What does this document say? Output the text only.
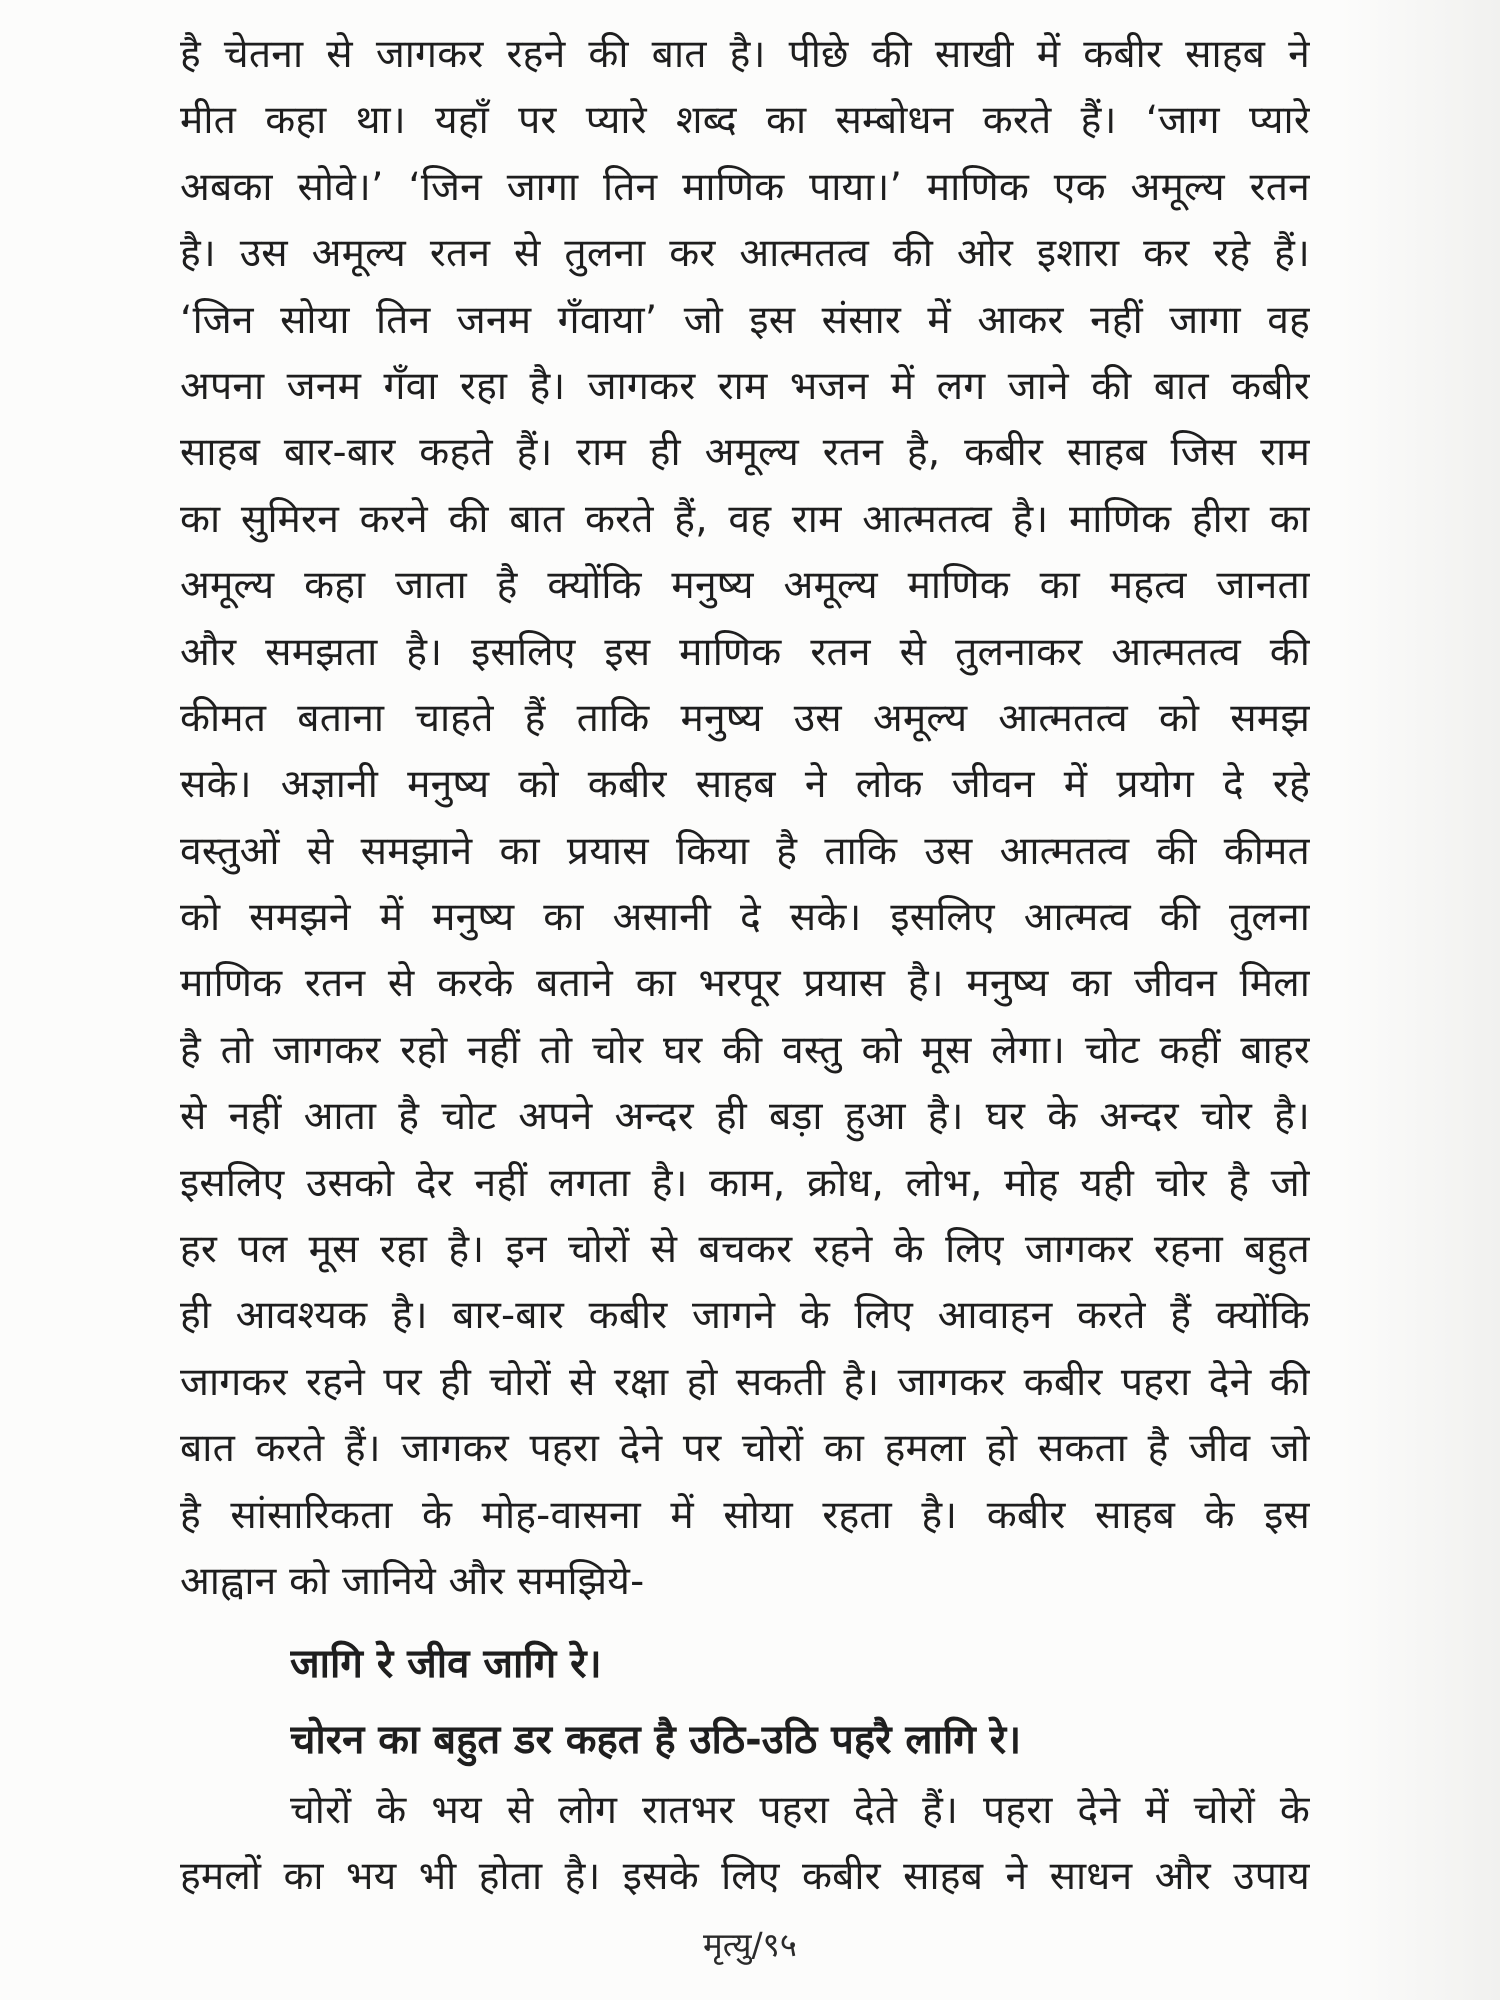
है चेतना से जागकर रहने की बात है। पीछे की साखी में कबीर साहब ने
मीत कहा था। यहाँ पर प्यारे शब्द का सम्बोधन करते हैं। ‘जाग प्यारे
अबका सोवे।’ ‘जिन जागा तिन माणिक पाया।’ माणिक एक अमूल्य रतन
है। उस अमूल्य रतन से तुलना कर आत्मतत्व की ओर इशारा कर रहे हैं।
‘जिन सोया तिन जनम गँवाया’ जो इस संसार में आकर नहीं जागा वह
अपना जनम गँवा रहा है। जागकर राम भजन में लग जाने की बात कबीर
साहब बार-बार कहते हैं। राम ही अमूल्य रतन है, कबीर साहब जिस राम
का सुमिरन करने की बात करते हैं, वह राम आत्मतत्व है। माणिक हीरा का
अमूल्य कहा जाता है क्योंकि मनुष्य अमूल्य माणिक का महत्व जानता
और समझता है। इसलिए इस माणिक रतन से तुलनाकर आत्मतत्व की
कीमत बताना चाहते हैं ताकि मनुष्य उस अमूल्य आत्मतत्व को समझ
सके। अज्ञानी मनुष्य को कबीर साहब ने लोक जीवन में प्रयोग दे रहे
वस्तुओं से समझाने का प्रयास किया है ताकि उस आत्मतत्व की कीमत
को समझने में मनुष्य का असानी दे सके। इसलिए आत्मत्व की तुलना
माणिक रतन से करके बताने का भरपूर प्रयास है। मनुष्य का जीवन मिला
है तो जागकर रहो नहीं तो चोर घर की वस्तु को मूस लेगा। चोट कहीं बाहर
से नहीं आता है चोट अपने अन्दर ही बड़ा हुआ है। घर के अन्दर चोर है।
इसलिए उसको देर नहीं लगता है। काम, क्रोध, लोभ, मोह यही चोर है जो
हर पल मूस रहा है। इन चोरों से बचकर रहने के लिए जागकर रहना बहुत
ही आवश्यक है। बार-बार कबीर जागने के लिए आवाहन करते हैं क्योंकि
जागकर रहने पर ही चोरों से रक्षा हो सकती है। जागकर कबीर पहरा देने की
बात करते हैं। जागकर पहरा देने पर चोरों का हमला हो सकता है जीव जो
है सांसारिकता के मोह-वासना में सोया रहता है। कबीर साहब के इस
आह्वान को जानिये और समझिये-
जागि रे जीव जागि रे।
चोरन का बहुत डर कहत है उठि-उठि पहरै लागि रे।
चोरों के भय से लोग रातभर पहरा देते हैं। पहरा देने में चोरों के
हमलों का भय भी होता है। इसके लिए कबीर साहब ने साधन और उपाय
मृत्यु/९५
